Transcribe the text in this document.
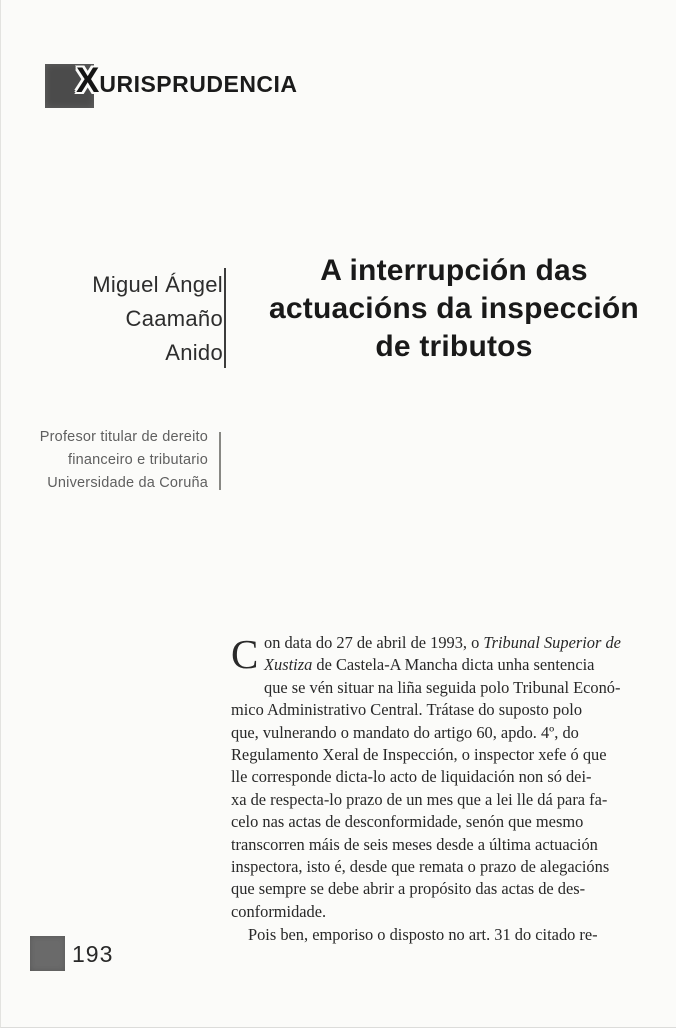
XURISPRUDENCIA
Miguel Ángel
Caamaño
Anido
A interrupción das
actuacións da inspección
de tributos
Profesor titular de dereito
financeiro e tributario
Universidade da Coruña
C on data do 27 de abril de 1993, o Tribunal Superior de
Xustiza de Castela-A Mancha dicta unha sentencia
que se vén situar na liña seguida polo Tribunal Econó-
mico Administrativo Central. Trátase do suposto polo
que, vulnerando o mandato do artigo 60, apdo. 4º, do
Regulamento Xeral de Inspección, o inspector xefe ó que
lle corresponde dicta-lo acto de liquidación non só dei-
xa de respecta-lo prazo de un mes que a lei lle dá para fa-
celo nas actas de desconformidade, senón que mesmo
transcorren máis de seis meses desde a última actuación
inspectora, isto é, desde que remata o prazo de alegacións
que sempre se debe abrir a propósito das actas de des-
conformidade.
Pois ben, emporiso o disposto no art. 31 do citado re-
193
